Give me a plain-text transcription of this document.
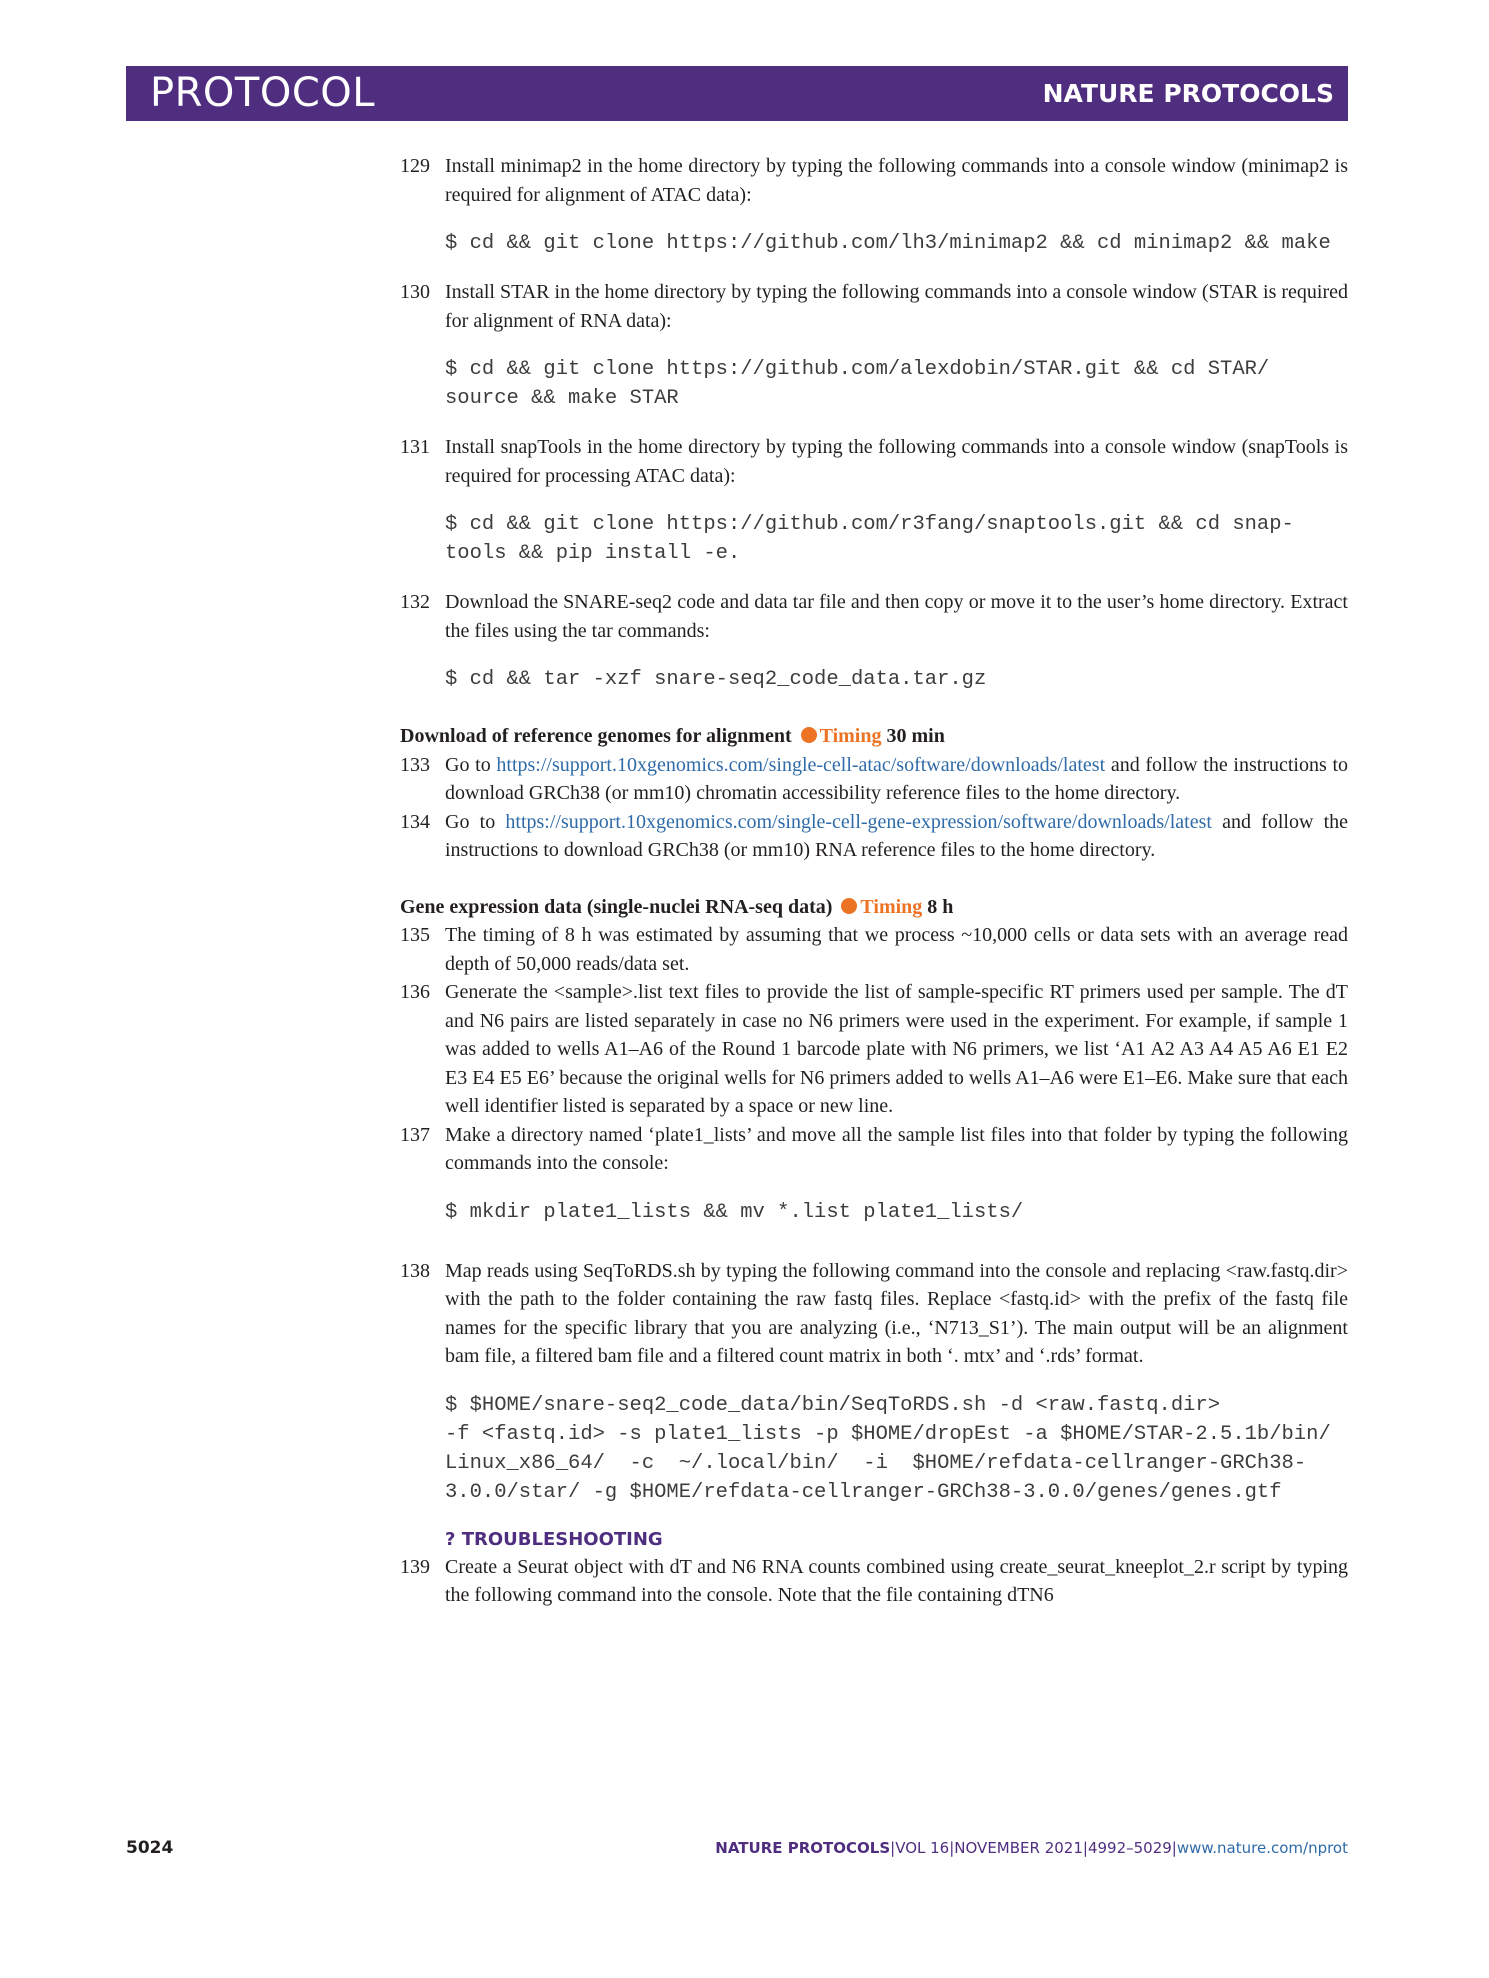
PROTOCOL	NATURE PROTOCOLS
129 Install minimap2 in the home directory by typing the following commands into a console window (minimap2 is required for alignment of ATAC data):
$ cd && git clone https://github.com/lh3/minimap2 && cd minimap2 && make
130 Install STAR in the home directory by typing the following commands into a console window (STAR is required for alignment of RNA data):
$ cd && git clone https://github.com/alexdobin/STAR.git && cd STAR/
source && make STAR
131 Install snapTools in the home directory by typing the following commands into a console window (snapTools is required for processing ATAC data):
$ cd && git clone https://github.com/r3fang/snaptools.git && cd snap-
tools && pip install -e.
132 Download the SNARE-seq2 code and data tar file and then copy or move it to the user’s home directory. Extract the files using the tar commands:
$ cd && tar -xzf snare-seq2_code_data.tar.gz
Download of reference genomes for alignment Timing 30 min
133 Go to https://support.10xgenomics.com/single-cell-atac/software/downloads/latest and follow the instructions to download GRCh38 (or mm10) chromatin accessibility reference files to the home directory.
134 Go to https://support.10xgenomics.com/single-cell-gene-expression/software/downloads/latest and follow the instructions to download GRCh38 (or mm10) RNA reference files to the home directory.
Gene expression data (single-nuclei RNA-seq data) Timing 8 h
135 The timing of 8 h was estimated by assuming that we process ~10,000 cells or data sets with an average read depth of 50,000 reads/data set.
136 Generate the <sample>.list text files to provide the list of sample-specific RT primers used per sample. The dT and N6 pairs are listed separately in case no N6 primers were used in the experiment. For example, if sample 1 was added to wells A1–A6 of the Round 1 barcode plate with N6 primers, we list ‘A1 A2 A3 A4 A5 A6 E1 E2 E3 E4 E5 E6’ because the original wells for N6 primers added to wells A1–A6 were E1–E6. Make sure that each well identifier listed is separated by a space or new line.
137 Make a directory named ‘plate1_lists’ and move all the sample list files into that folder by typing the following commands into the console:
$ mkdir plate1_lists && mv *.list plate1_lists/
138 Map reads using SeqToRDS.sh by typing the following command into the console and replacing <raw.fastq.dir> with the path to the folder containing the raw fastq files. Replace <fastq.id> with the prefix of the fastq file names for the specific library that you are analyzing (i.e., ‘N713_S1’). The main output will be an alignment bam file, a filtered bam file and a filtered count matrix in both ‘. mtx’ and ‘.rds’ format.
$ $HOME/snare-seq2_code_data/bin/SeqToRDS.sh -d <raw.fastq.dir>
-f <fastq.id> -s plate1_lists -p $HOME/dropEst -a $HOME/STAR-2.5.1b/bin/
Linux_x86_64/  -c  ~/.local/bin/  -i  $HOME/refdata-cellranger-GRCh38-
3.0.0/star/ -g $HOME/refdata-cellranger-GRCh38-3.0.0/genes/genes.gtf
? TROUBLESHOOTING
139 Create a Seurat object with dT and N6 RNA counts combined using create_seurat_kneeplot_2.r script by typing the following command into the console. Note that the file containing dTN6
5024	NATURE PROTOCOLS|VOL 16|NOVEMBER 2021|4992–5029|www.nature.com/nprot
